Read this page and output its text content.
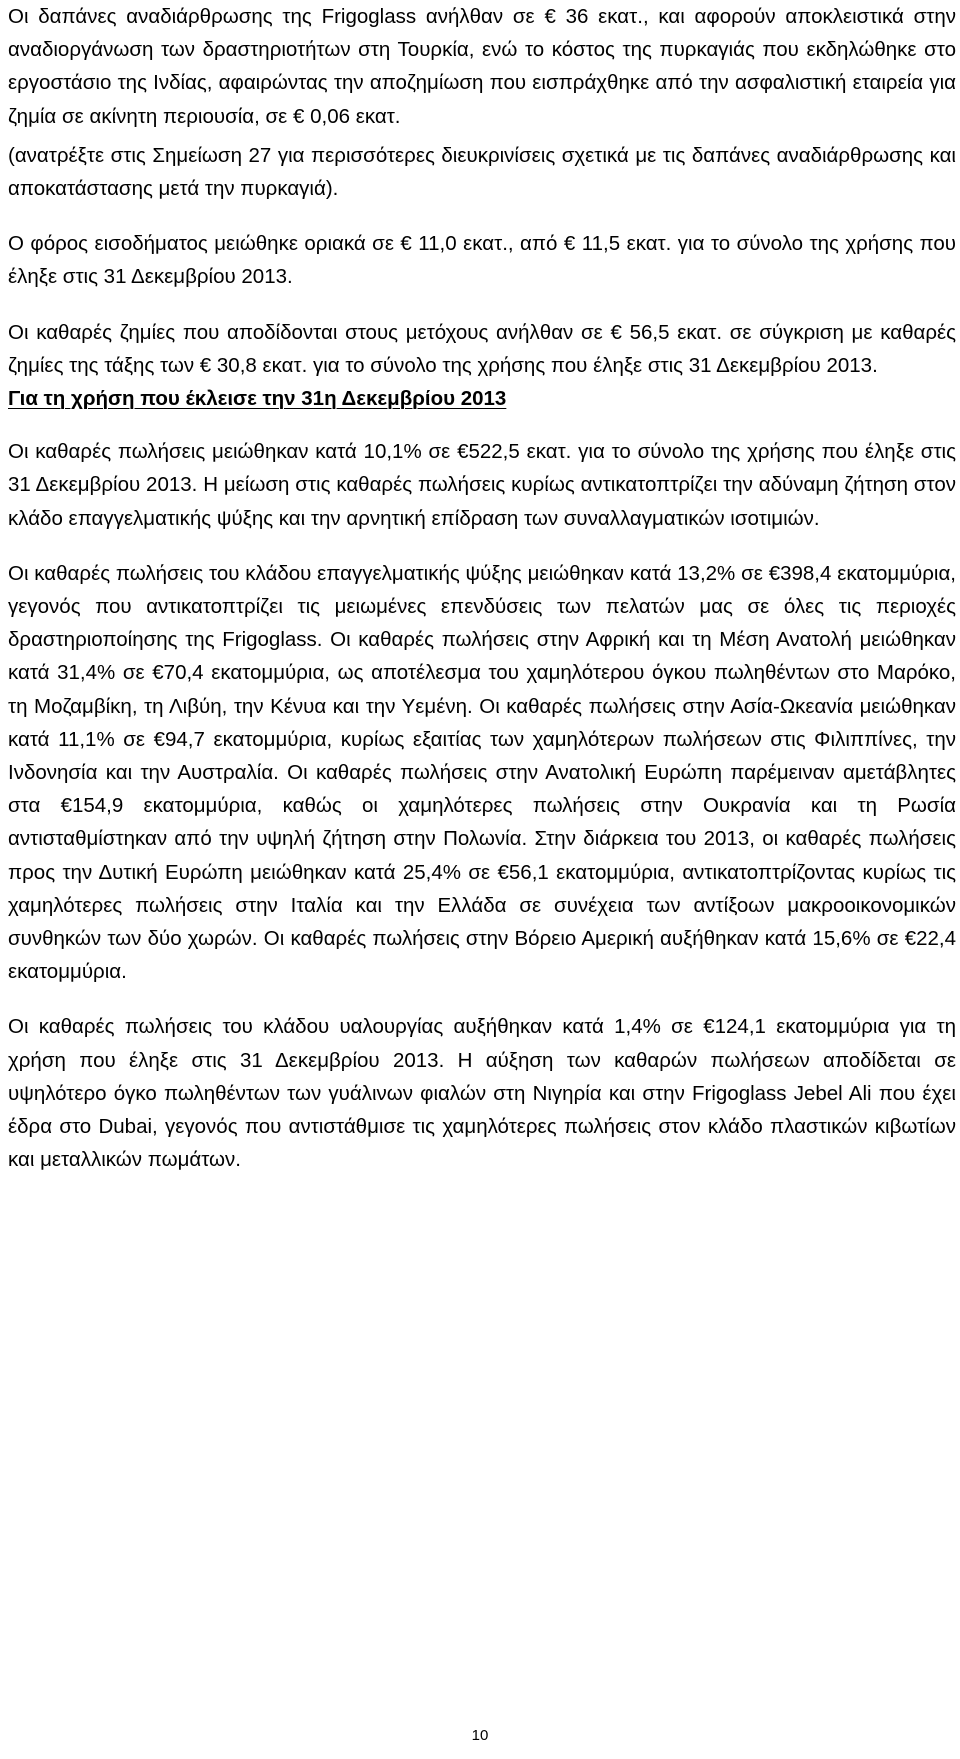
Οι δαπάνες αναδιάρθρωσης της Frigoglass ανήλθαν σε € 36 εκατ., και αφορούν αποκλειστικά στην αναδιοργάνωση των δραστηριοτήτων στη Τουρκία, ενώ το κόστος της πυρκαγιάς που εκδηλώθηκε στο εργοστάσιο της Ινδίας, αφαιρώντας την αποζημίωση που εισπράχθηκε από την ασφαλιστική εταιρεία για ζημία σε ακίνητη περιουσία, σε € 0,06 εκατ.

(ανατρέξτε στις Σημείωση 27 για περισσότερες διευκρινίσεις σχετικά με τις δαπάνες αναδιάρθρωσης και αποκατάστασης μετά την πυρκαγιά).

Ο φόρος εισοδήματος μειώθηκε οριακά σε € 11,0 εκατ., από € 11,5 εκατ. για το σύνολο της χρήσης που έληξε στις 31 Δεκεμβρίου 2013.

Οι καθαρές ζημίες που αποδίδονται στους μετόχους ανήλθαν σε € 56,5 εκατ. σε σύγκριση με καθαρές ζημίες της τάξης των € 30,8 εκατ. για το σύνολο της χρήσης που έληξε στις 31 Δεκεμβρίου 2013.

Για τη χρήση που έκλεισε την 31η Δεκεμβρίου 2013

Οι καθαρές πωλήσεις μειώθηκαν κατά 10,1% σε €522,5 εκατ. για το σύνολο της χρήσης που έληξε στις 31 Δεκεμβρίου 2013. Η μείωση στις καθαρές πωλήσεις κυρίως αντικατοπτρίζει την αδύναμη ζήτηση στον κλάδο επαγγελματικής ψύξης και την αρνητική επίδραση των συναλλαγματικών ισοτιμιών.

Οι καθαρές πωλήσεις του κλάδου επαγγελματικής ψύξης μειώθηκαν κατά 13,2% σε €398,4 εκατομμύρια, γεγονός που αντικατοπτρίζει τις μειωμένες επενδύσεις των πελατών μας σε όλες τις περιοχές δραστηριοποίησης της Frigoglass. Οι καθαρές πωλήσεις στην Αφρική και τη Μέση Ανατολή μειώθηκαν κατά 31,4% σε €70,4 εκατομμύρια, ως αποτέλεσμα του χαμηλότερου όγκου πωληθέντων στο Μαρόκο, τη Μοζαμβίκη, τη Λιβύη, την Κένυα και την Υεμένη. Οι καθαρές πωλήσεις στην Ασία-Ωκεανία μειώθηκαν κατά 11,1% σε €94,7 εκατομμύρια, κυρίως εξαιτίας των χαμηλότερων πωλήσεων στις Φιλιππίνες, την Ινδονησία και την Αυστραλία. Οι καθαρές πωλήσεις στην Ανατολική Ευρώπη παρέμειναν αμετάβλητες στα €154,9 εκατομμύρια, καθώς οι χαμηλότερες πωλήσεις στην Ουκρανία και τη Ρωσία αντισταθμίστηκαν από την υψηλή ζήτηση στην Πολωνία. Στην διάρκεια του 2013, οι καθαρές πωλήσεις προς την Δυτική Ευρώπη μειώθηκαν κατά 25,4% σε €56,1 εκατομμύρια, αντικατοπτρίζοντας κυρίως τις χαμηλότερες πωλήσεις στην Ιταλία και την Ελλάδα σε συνέχεια των αντίξοων μακροοικονομικών συνθηκών των δύο χωρών. Οι καθαρές πωλήσεις στην Βόρειο Αμερική αυξήθηκαν κατά 15,6% σε €22,4 εκατομμύρια.

Οι καθαρές πωλήσεις του κλάδου υαλουργίας αυξήθηκαν κατά 1,4% σε €124,1 εκατομμύρια για τη χρήση που έληξε στις 31 Δεκεμβρίου 2013. Η αύξηση των καθαρών πωλήσεων αποδίδεται σε υψηλότερο όγκο πωληθέντων των γυάλινων φιαλών στη Νιγηρία και στην Frigoglass Jebel Ali που έχει έδρα στο Dubai, γεγονός που αντιστάθμισε τις χαμηλότερες πωλήσεις στον κλάδο πλαστικών κιβωτίων και μεταλλικών πωμάτων.

10
